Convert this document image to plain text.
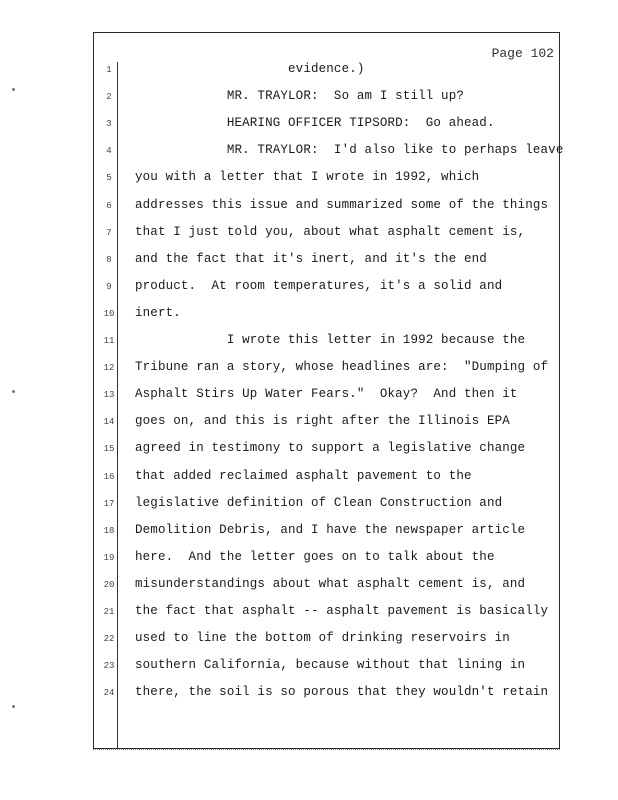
Page 102
1	evidence.)
2	MR. TRAYLOR:  So am I still up?
3	HEARING OFFICER TIPSORD:  Go ahead.
4	MR. TRAYLOR:  I'd also like to perhaps leave
5	you with a letter that I wrote in 1992, which
6	addresses this issue and summarized some of the things
7	that I just told you, about what asphalt cement is,
8	and the fact that it's inert, and it's the end
9	product.  At room temperatures, it's a solid and
10	inert.
11	I wrote this letter in 1992 because the
12	Tribune ran a story, whose headlines are:  "Dumping of
13	Asphalt Stirs Up Water Fears."  Okay?  And then it
14	goes on, and this is right after the Illinois EPA
15	agreed in testimony to support a legislative change
16	that added reclaimed asphalt pavement to the
17	legislative definition of Clean Construction and
18	Demolition Debris, and I have the newspaper article
19	here.  And the letter goes on to talk about the
20	misunderstandings about what asphalt cement is, and
21	the fact that asphalt -- asphalt pavement is basically
22	used to line the bottom of drinking reservoirs in
23	southern California, because without that lining in
24	there, the soil is so porous that they wouldn't retain
